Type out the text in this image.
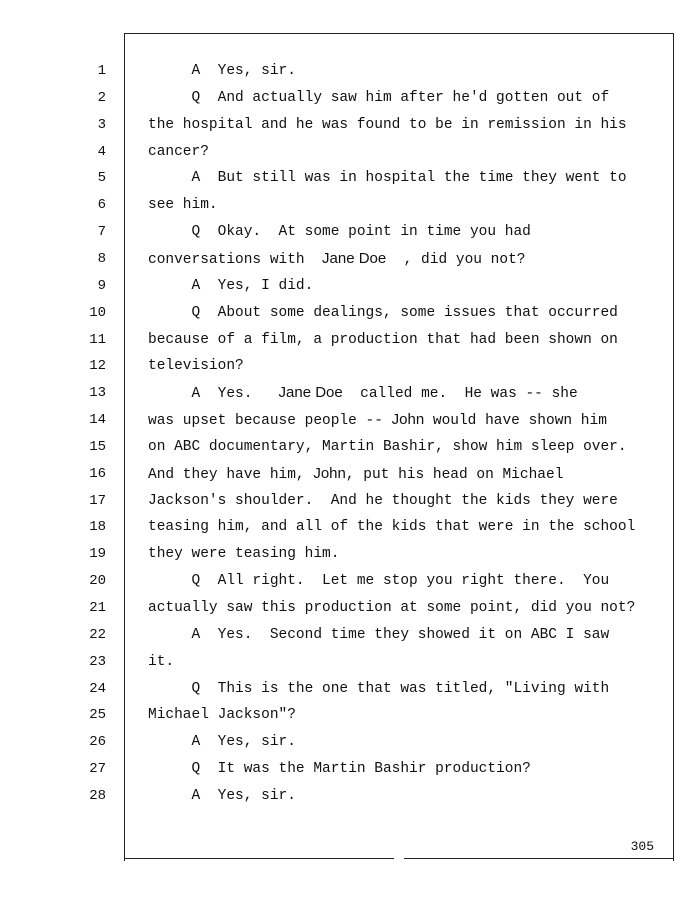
1	A  Yes, sir.
2	Q  And actually saw him after he'd gotten out of
3	the hospital and he was found to be in remission in his
4	cancer?
5	A  But still was in hospital the time they went to
6	see him.
7	Q  Okay.  At some point in time you had
8	conversations with  Jane Doe  , did you not?
9	A  Yes, I did.
10	Q  About some dealings, some issues that occurred
11	because of a film, a production that had been shown on
12	television?
13	A  Yes.   Jane Doe  called me.  He was -- she
14	was upset because people -- John would have shown him
15	on ABC documentary, Martin Bashir, show him sleep over.
16	And they have him, John, put his head on Michael
17	Jackson's shoulder.  And he thought the kids they were
18	teasing him, and all of the kids that were in the school
19	they were teasing him.
20	Q  All right.  Let me stop you right there.  You
21	actually saw this production at some point, did you not?
22	A  Yes.  Second time they showed it on ABC I saw
23	it.
24	Q  This is the one that was titled, "Living with
25	Michael Jackson"?
26	A  Yes, sir.
27	Q  It was the Martin Bashir production?
28	A  Yes, sir.
305
